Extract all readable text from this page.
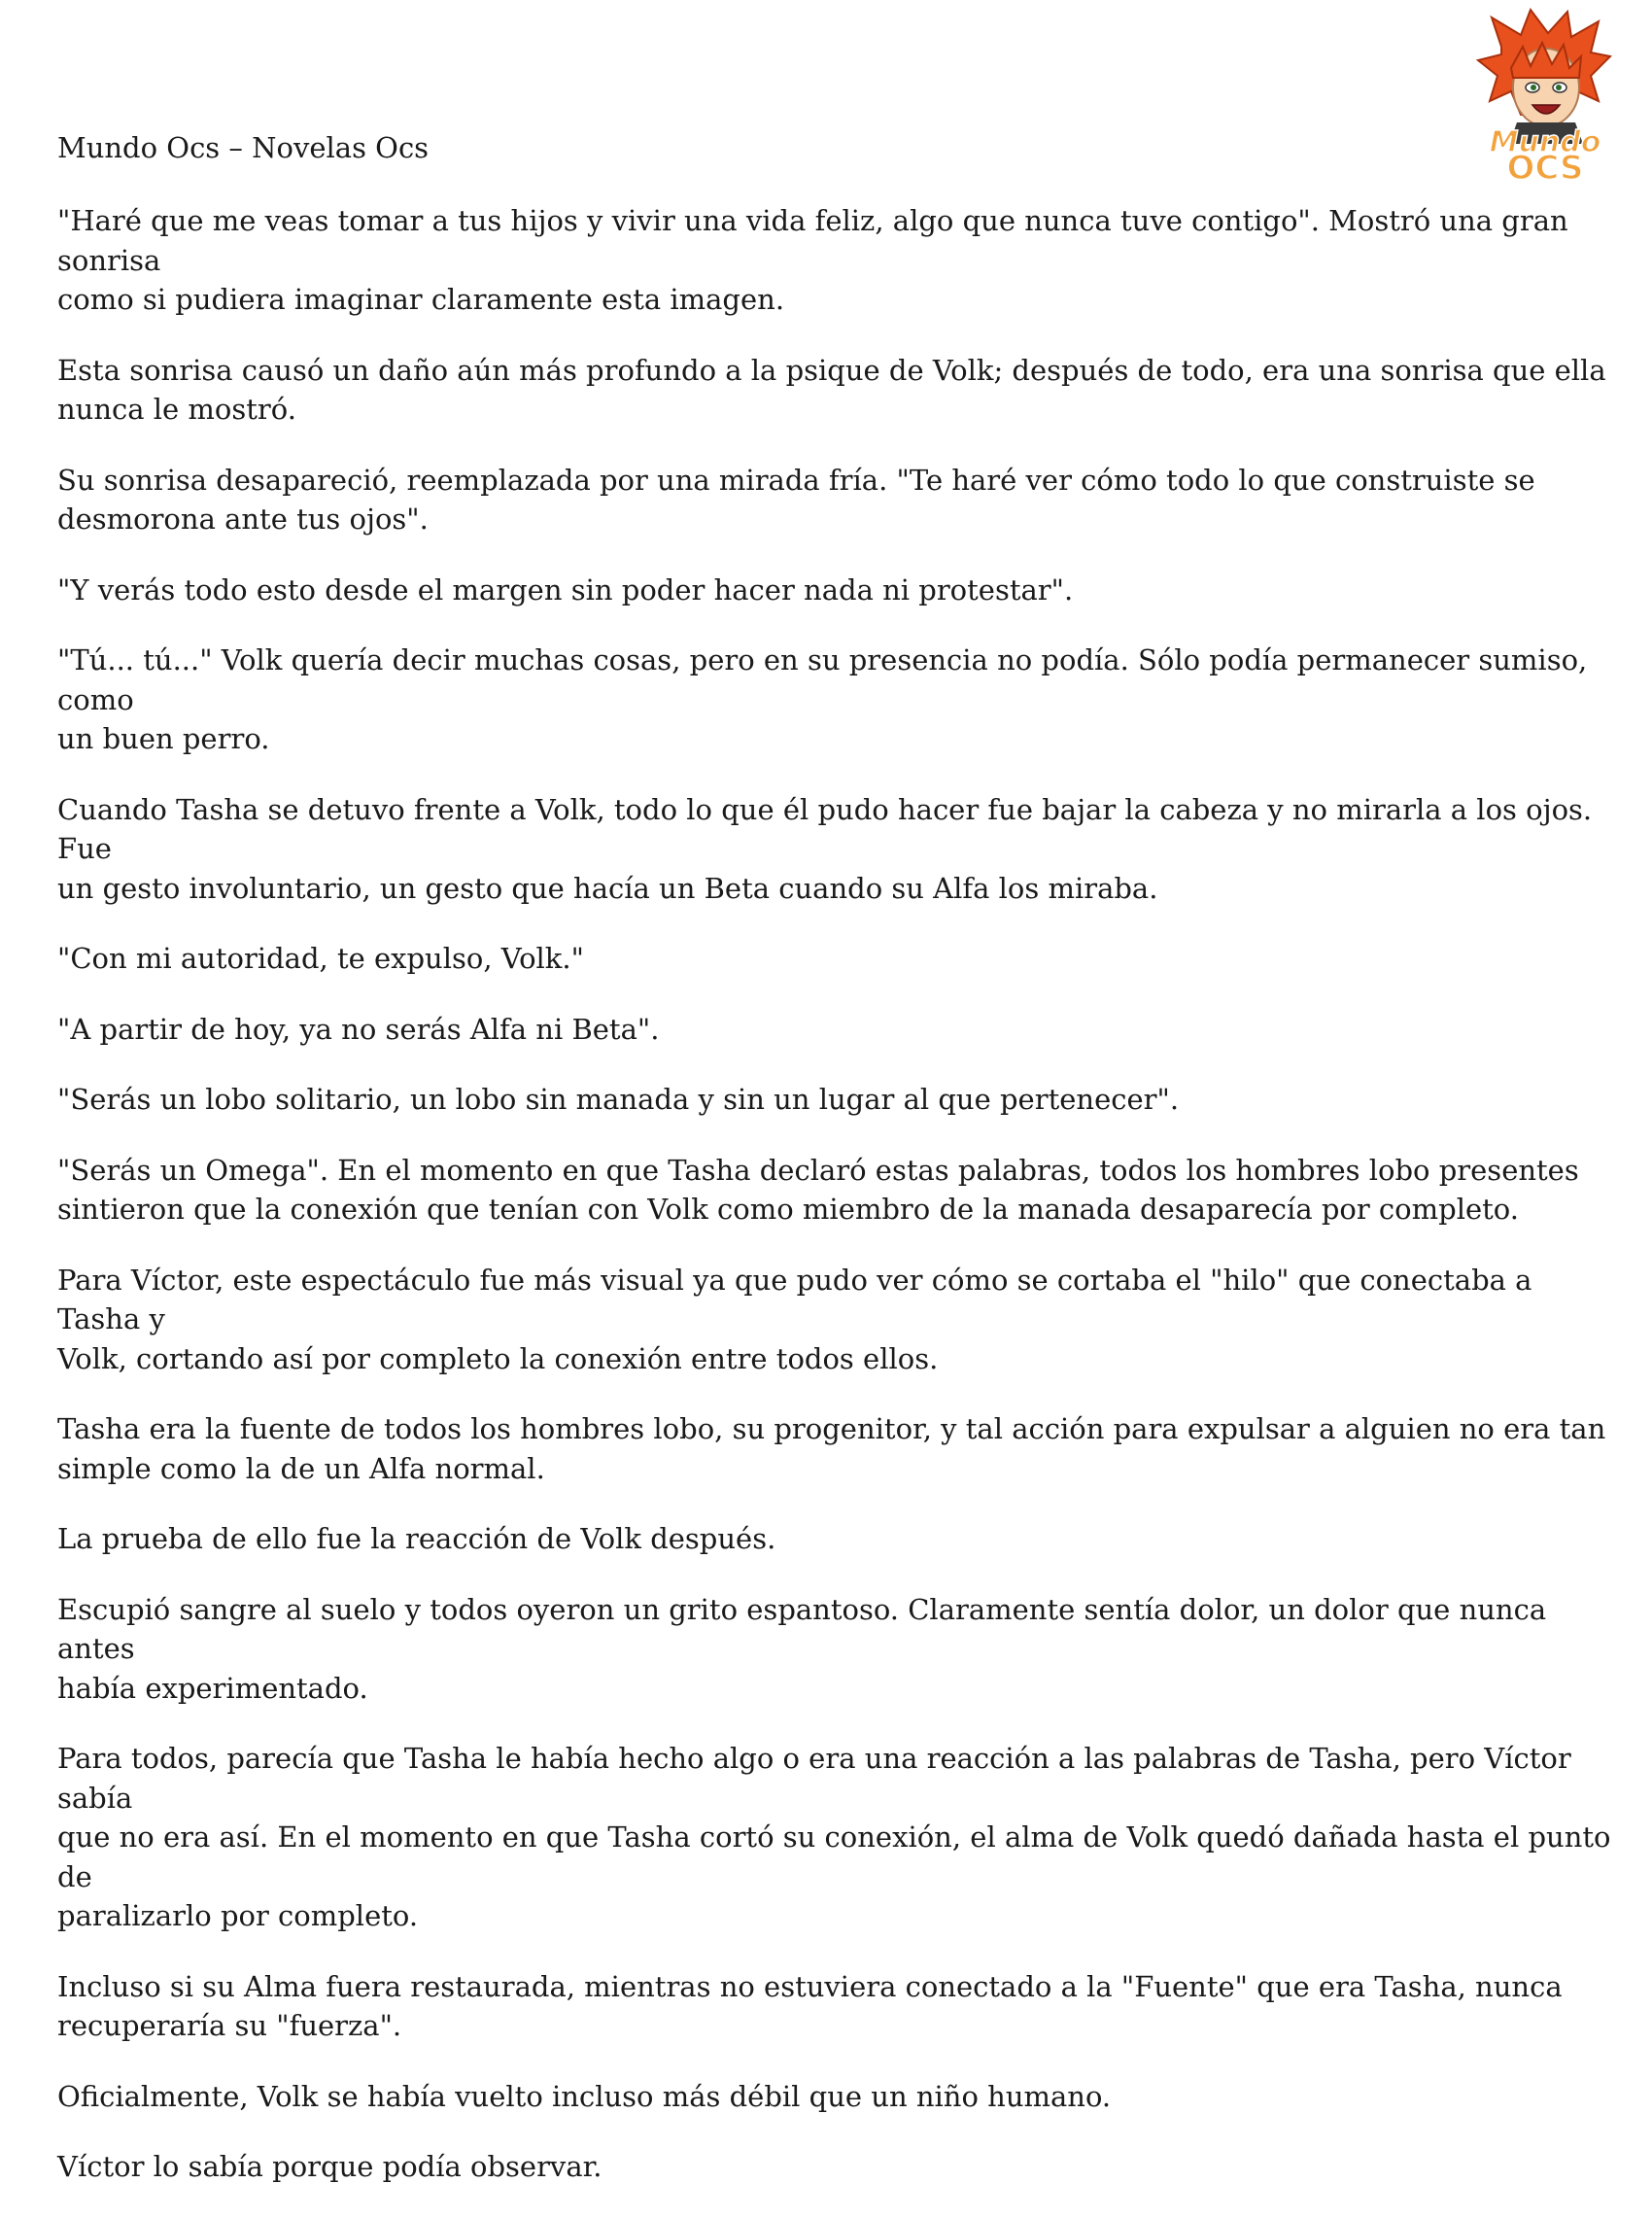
Mundo
OCS
Mundo Ocs – Novelas Ocs

"Haré que me veas tomar a tus hijos y vivir una vida feliz, algo que nunca tuve contigo". Mostró una gran sonrisa
como si pudiera imaginar claramente esta imagen.

Esta sonrisa causó un daño aún más profundo a la psique de Volk; después de todo, era una sonrisa que ella
nunca le mostró.

Su sonrisa desapareció, reemplazada por una mirada fría. "Te haré ver cómo todo lo que construiste se
desmorona ante tus ojos".

"Y verás todo esto desde el margen sin poder hacer nada ni protestar".

"Tú... tú..." Volk quería decir muchas cosas, pero en su presencia no podía. Sólo podía permanecer sumiso, como
un buen perro.

Cuando Tasha se detuvo frente a Volk, todo lo que él pudo hacer fue bajar la cabeza y no mirarla a los ojos. Fue
un gesto involuntario, un gesto que hacía un Beta cuando su Alfa los miraba.

"Con mi autoridad, te expulso, Volk."

"A partir de hoy, ya no serás Alfa ni Beta".

"Serás un lobo solitario, un lobo sin manada y sin un lugar al que pertenecer".

"Serás un Omega". En el momento en que Tasha declaró estas palabras, todos los hombres lobo presentes
sintieron que la conexión que tenían con Volk como miembro de la manada desaparecía por completo.

Para Víctor, este espectáculo fue más visual ya que pudo ver cómo se cortaba el "hilo" que conectaba a Tasha y
Volk, cortando así por completo la conexión entre todos ellos.

Tasha era la fuente de todos los hombres lobo, su progenitor, y tal acción para expulsar a alguien no era tan
simple como la de un Alfa normal.

La prueba de ello fue la reacción de Volk después.

Escupió sangre al suelo y todos oyeron un grito espantoso. Claramente sentía dolor, un dolor que nunca antes
había experimentado.

Para todos, parecía que Tasha le había hecho algo o era una reacción a las palabras de Tasha, pero Víctor sabía
que no era así. En el momento en que Tasha cortó su conexión, el alma de Volk quedó dañada hasta el punto de
paralizarlo por completo.

Incluso si su Alma fuera restaurada, mientras no estuviera conectado a la "Fuente" que era Tasha, nunca
recuperaría su "fuerza".

Oficialmente, Volk se había vuelto incluso más débil que un niño humano.

Víctor lo sabía porque podía observar.
